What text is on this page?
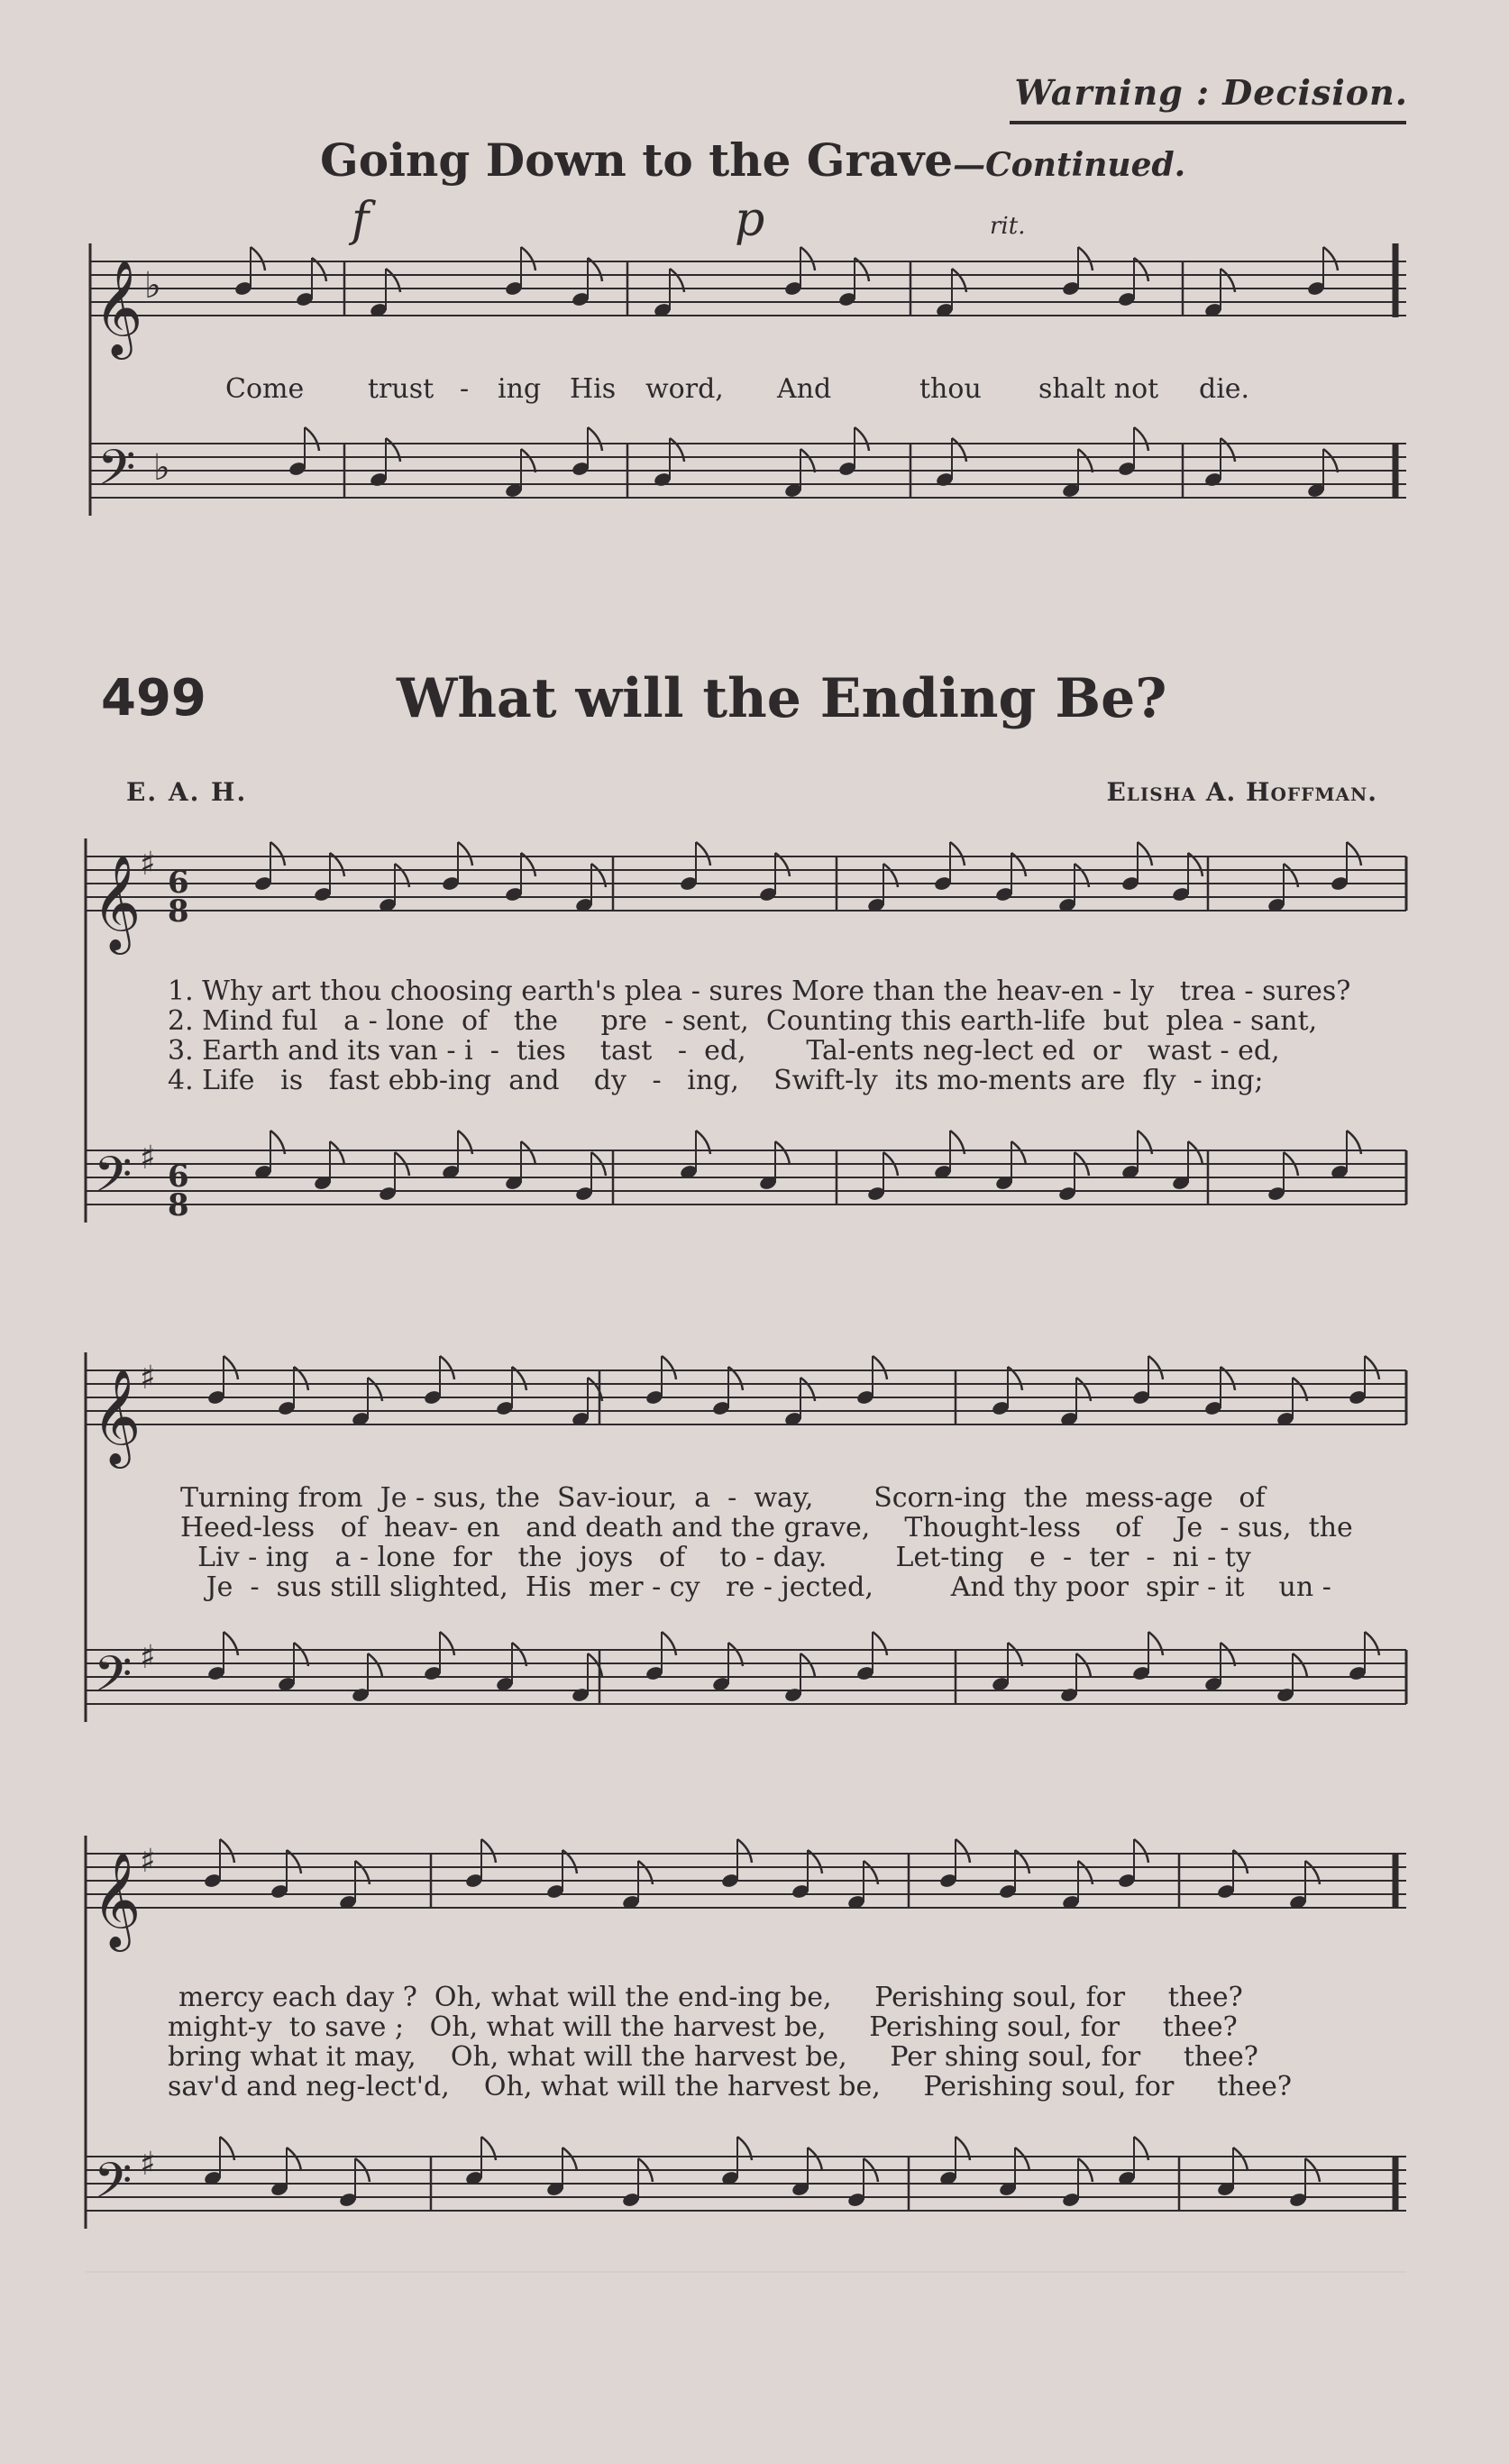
Warning : Decision.
Going Down to the Grave—Continued.
f	p	rit.
Come trust - ing His word, And	thou shalt not die.
499	What will the Ending Be?
E. A. H.	Elisha A. Hoffman.
1. Why art thou choosing earth's plea - sures More than the heav-en - ly   trea - sures?
2. Mind ful   a - lone  of   the     pre  - sent,  Counting this earth-life  but  plea - sant,
3. Earth and its van - i  -  ties    tast   -  ed,       Tal-ents neg-lect ed  or   wast - ed,
4. Life   is   fast ebb-ing  and    dy   -   ing,    Swift-ly  its mo-ments are  fly  - ing;
Turning from  Je - sus, the  Sav-iour,  a  -  way,       Scorn-ing  the  mess-age   of
Heed-less   of  heav- en   and death and the grave,    Thought-less    of    Je  - sus,  the
Liv - ing   a - lone  for   the  joys   of    to - day.        Let-ting   e  -  ter  -  ni - ty
Je  -  sus still slighted,  His  mer - cy   re - jected,         And thy poor  spir - it    un -
mercy each day ?  Oh, what will the end-ing be,     Perishing soul, for     thee?
might-y  to save ;   Oh, what will the harvest be,     Perishing soul, for     thee?
bring what it may,    Oh, what will the harvest be,     Per shing soul, for     thee?
sav'd and neg-lect'd,    Oh, what will the harvest be,     Perishing soul, for     thee?
𝄞
𝄢
♭
♭
𝄞
𝄢
♯
♯
6
8
6
8
𝄞
𝄢
♯
♯
𝄞
𝄢
♯
♯
